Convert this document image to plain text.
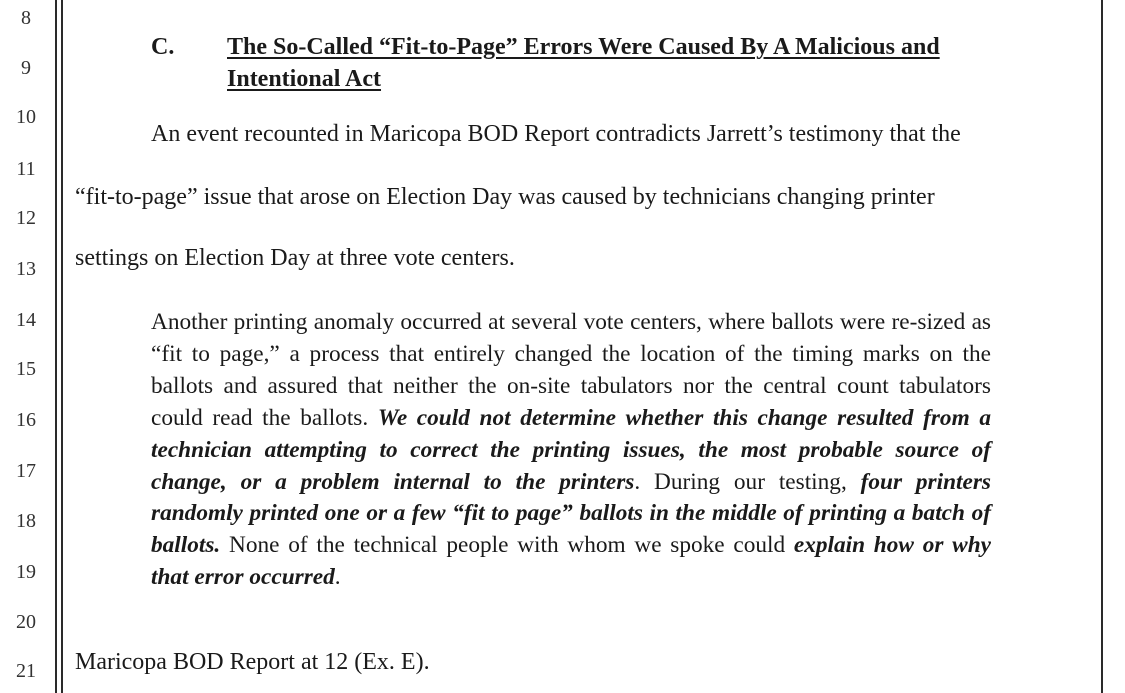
8
9
10
11
12
13
14
15
16
17
18
19
20
21
C. The So-Called “Fit-to-Page” Errors Were Caused By A Malicious and
Intentional Act
An event recounted in Maricopa BOD Report contradicts Jarrett’s testimony that the
“fit-to-page” issue that arose on Election Day was caused by technicians changing printer
settings on Election Day at three vote centers.
Another printing anomaly occurred at several vote centers, where ballots were re-sized as “fit to page,” a process that entirely changed the location of the timing marks on the ballots and assured that neither the on-site tabulators nor the central count tabulators could read the ballots. We could not determine whether this change resulted from a technician attempting to correct the printing issues, the most probable source of change, or a problem internal to the printers. During our testing, four printers randomly printed one or a few “fit to page” ballots in the middle of printing a batch of ballots. None of the technical people with whom we spoke could explain how or why that error occurred.
Maricopa BOD Report at 12 (Ex. E).
